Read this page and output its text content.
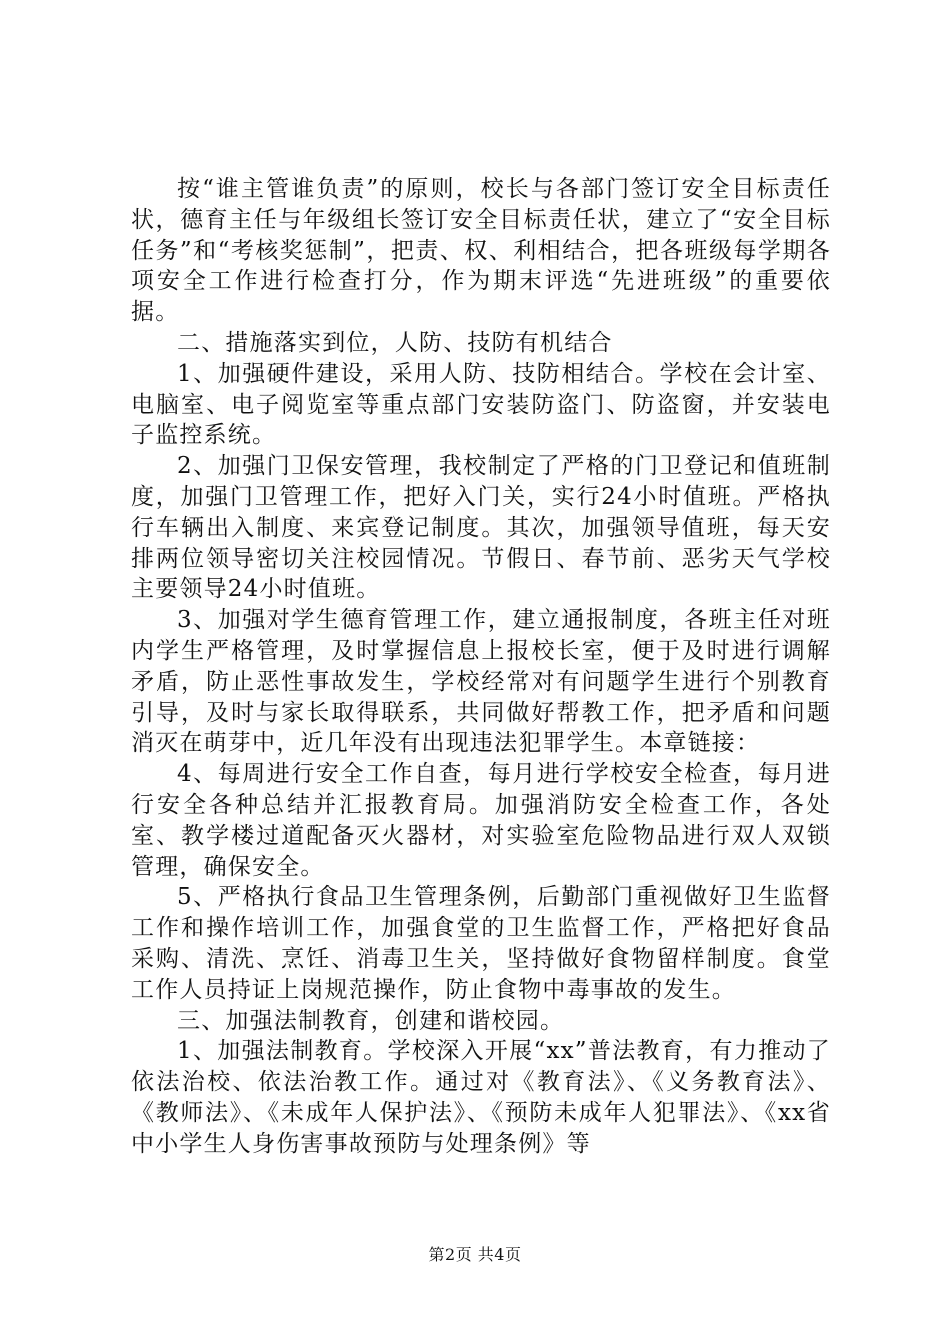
按“谁主管谁负责”的原则，校长与各部门签订安全目标责任状，德育主任与年级组长签订安全目标责任状，建立了“安全目标任务”和“考核奖惩制”，把责、权、利相结合，把各班级每学期各项安全工作进行检查打分，作为期末评选“先进班级”的重要依据。

二、措施落实到位，人防、技防有机结合

1、加强硬件建设，采用人防、技防相结合。学校在会计室、电脑室、电子阅览室等重点部门安装防盗门、防盗窗，并安装电子监控系统。

2、加强门卫保安管理，我校制定了严格的门卫登记和值班制度，加强门卫管理工作，把好入门关，实行24小时值班。严格执行车辆出入制度、来宾登记制度。其次，加强领导值班，每天安排两位领导密切关注校园情况。节假日、春节前、恶劣天气学校主要领导24小时值班。

3、加强对学生德育管理工作，建立通报制度，各班主任对班内学生严格管理，及时掌握信息上报校长室，便于及时进行调解矛盾，防止恶性事故发生，学校经常对有问题学生进行个别教育引导，及时与家长取得联系，共同做好帮教工作，把矛盾和问题消灭在萌芽中，近几年没有出现违法犯罪学生。本章链接：

4、每周进行安全工作自查，每月进行学校安全检查，每月进行安全各种总结并汇报教育局。加强消防安全检查工作，各处室、教学楼过道配备灭火器材，对实验室危险物品进行双人双锁管理，确保安全。

5、严格执行食品卫生管理条例，后勤部门重视做好卫生监督工作和操作培训工作，加强食堂的卫生监督工作，严格把好食品采购、清洗、烹饪、消毒卫生关，坚持做好食物留样制度。食堂工作人员持证上岗规范操作，防止食物中毒事故的发生。

三、加强法制教育，创建和谐校园。

1、加强法制教育。学校深入开展“xx”普法教育，有力推动了依法治校、依法治教工作。通过对《教育法》、《义务教育法》、《教师法》、《未成年人保护法》、《预防未成年人犯罪法》、《xx省中小学生人身伤害事故预防与处理条例》等

第2页 共4页
